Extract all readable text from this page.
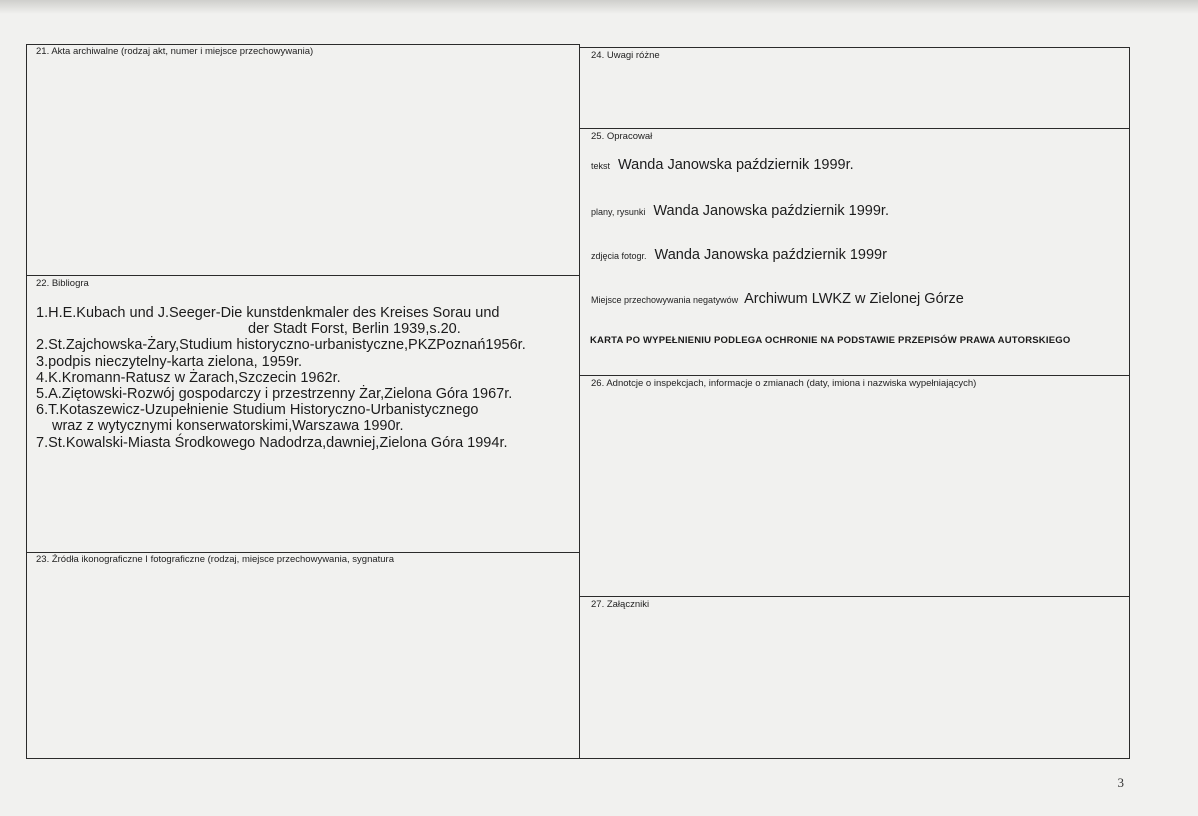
21. Akta archiwalne (rodzaj akt, numer i miejsce przechowywania)
22. Bibliogra
1.H.E.Kubach und J.Seeger-Die kunstdenkmaler des Kreises Sorau und
der Stadt Forst, Berlin 1939,s.20.
2.St.Zajchowska-Żary,Studium historyczno-urbanistyczne,PKZPoznań1956r.
3.podpis nieczytelny-karta zielona, 1959r.
4.K.Kromann-Ratusz w Żarach,Szczecin 1962r.
5.A.Ziętowski-Rozwój gospodarczy i przestrzenny Żar,Zielona Góra 1967r.
6.T.Kotaszewicz-Uzupełnienie Studium Historyczno-Urbanistycznego
wraz z wytycznymi konserwatorskimi,Warszawa 1990r.
7.St.Kowalski-Miasta Środkowego Nadodrza,dawniej,Zielona Góra 1994r.
23. Źródła ikonograficzne I fotograficzne (rodzaj, miejsce przechowywania, sygnatura
24. Uwagi różne
25. Opracował
tekst Wanda Janowska październik 1999r.
plany, rysunki Wanda Janowska październik 1999r.
zdjęcia fotogr. Wanda Janowska październik 1999r
Miejsce przechowywania negatywów Archiwum LWKZ w Zielonej Górze
KARTA PO WYPEŁNIENIU PODLEGA OCHRONIE NA PODSTAWIE PRZEPISÓW PRAWA AUTORSKIEGO
26. Adnotcje o inspekcjach, informacje o zmianach (daty, imiona i nazwiska wypełniających)
27. Załączniki
3
